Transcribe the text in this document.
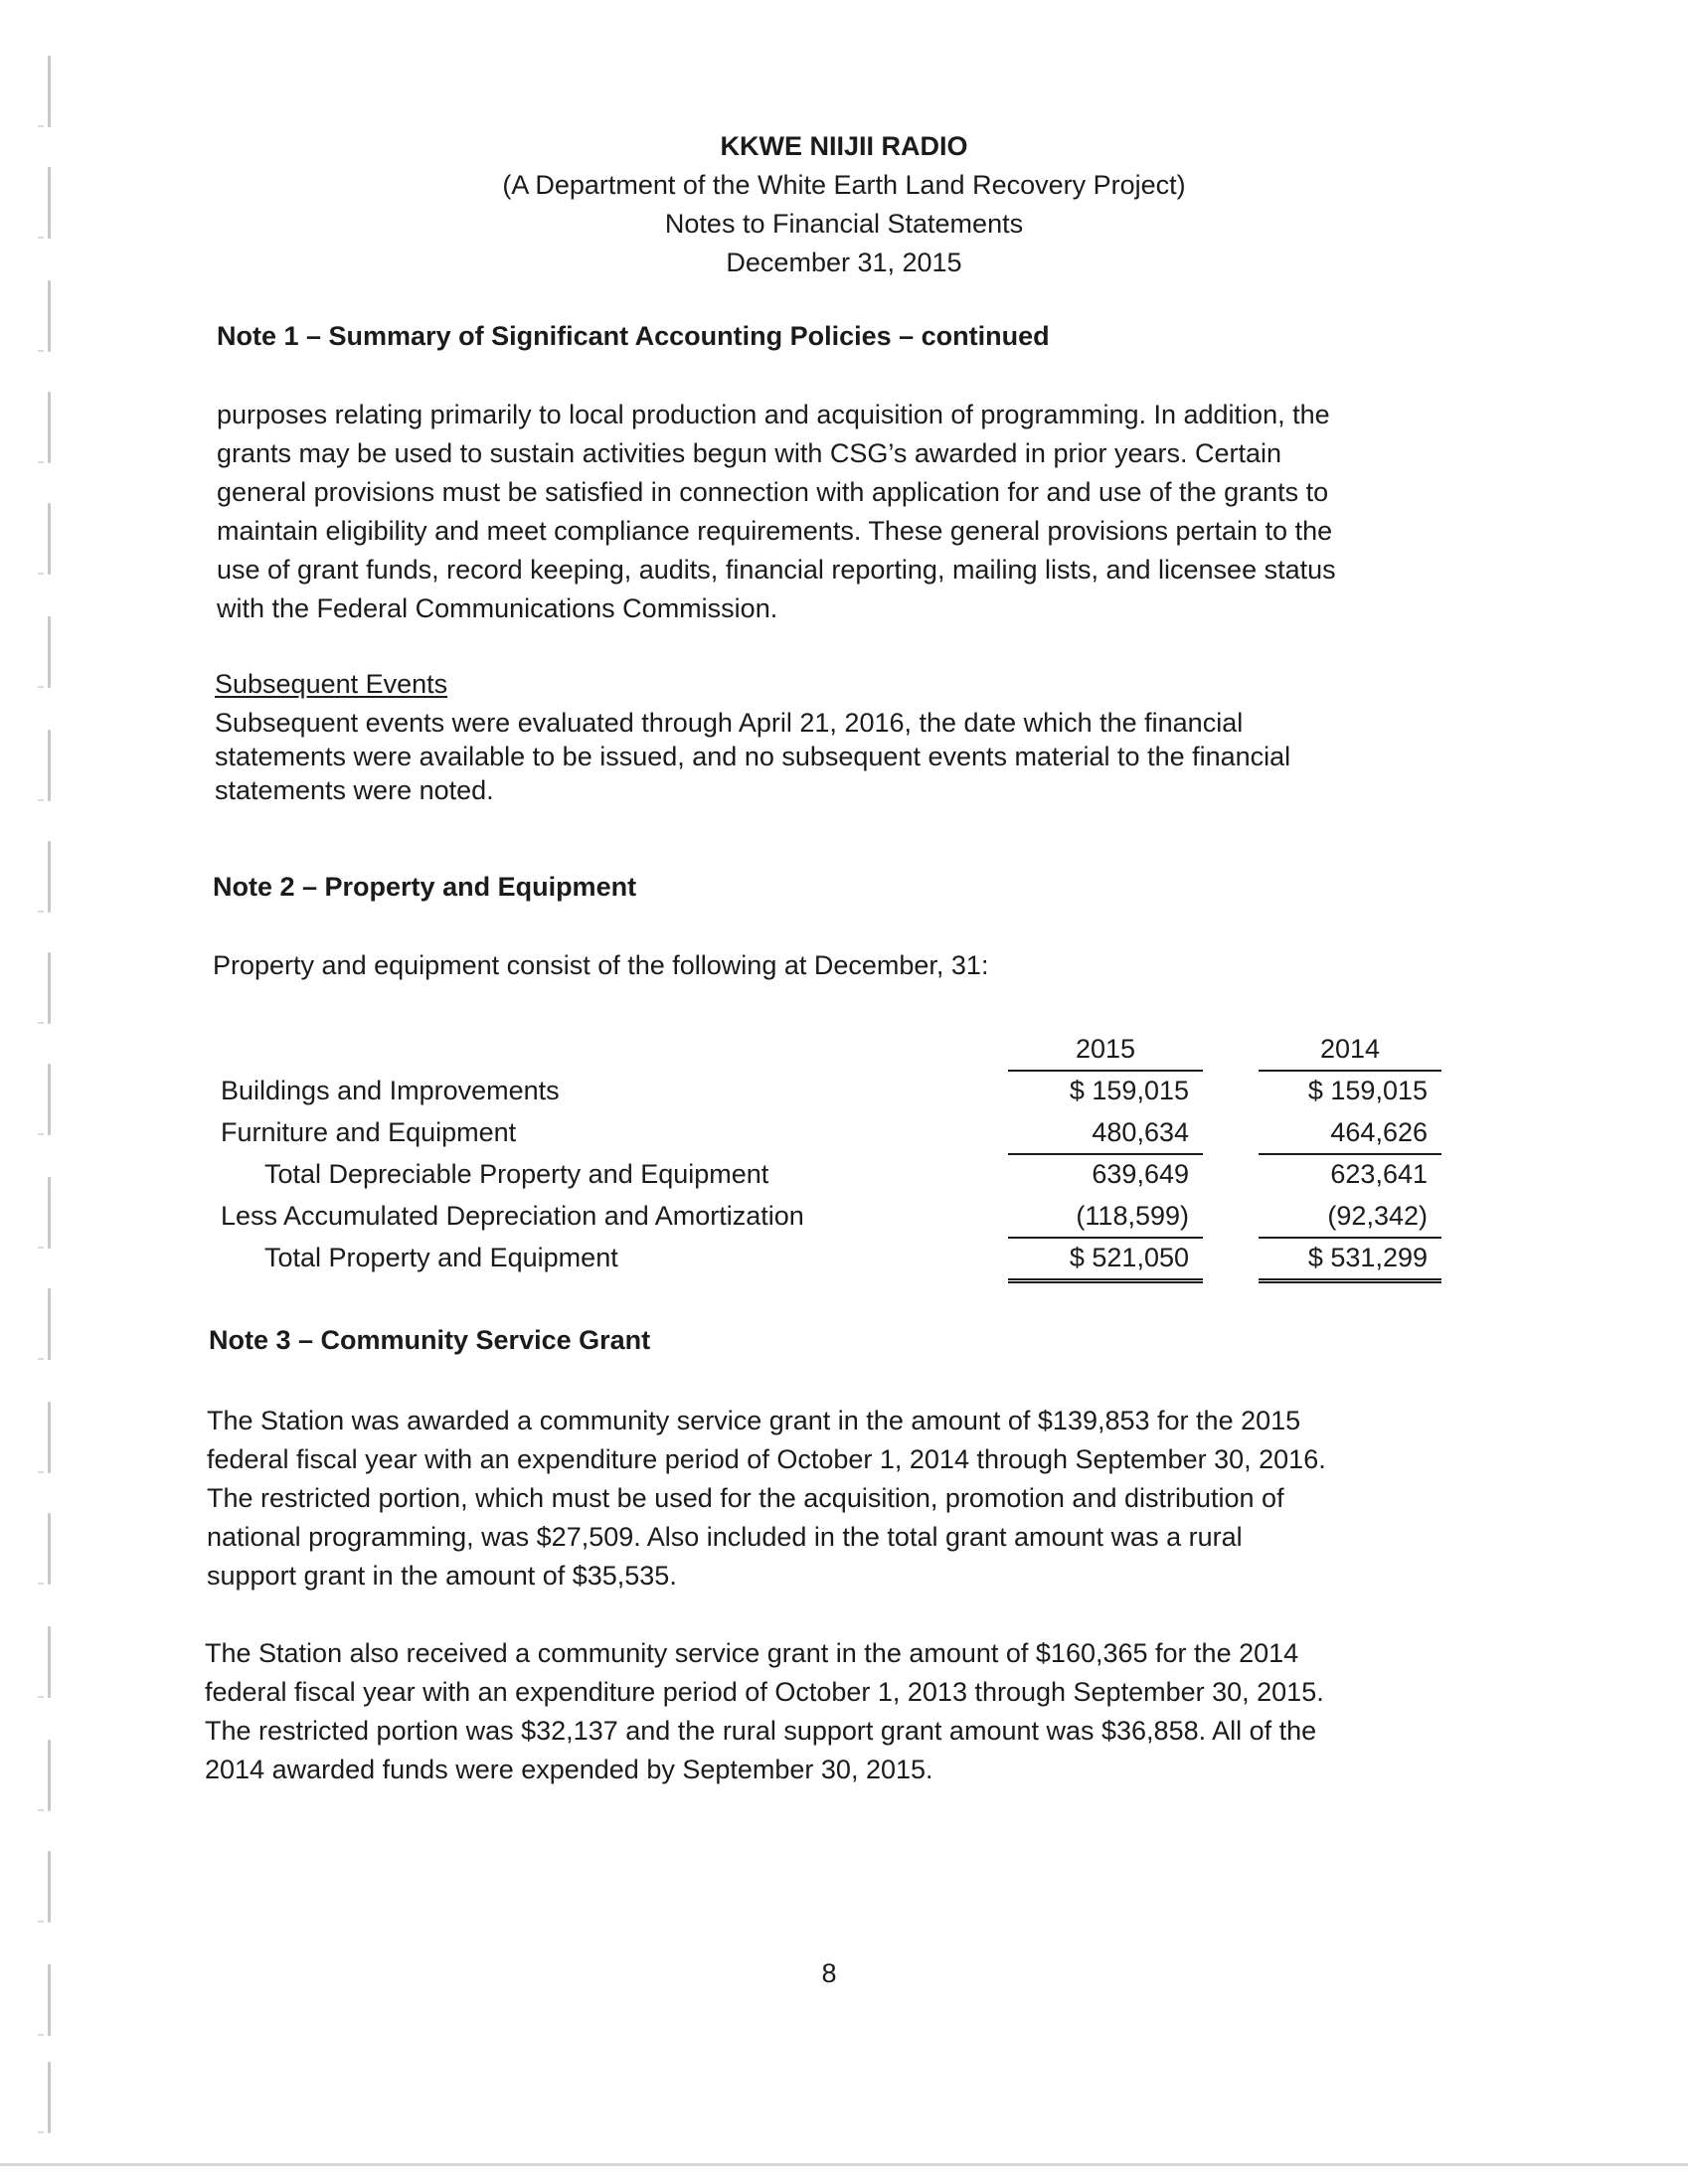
KKWE NIIJII RADIO
(A Department of the White Earth Land Recovery Project)
Notes to Financial Statements
December 31, 2015
Note 1 – Summary of Significant Accounting Policies – continued
purposes relating primarily to local production and acquisition of programming. In addition, the
grants may be used to sustain activities begun with CSG’s awarded in prior years. Certain
general provisions must be satisfied in connection with application for and use of the grants to
maintain eligibility and meet compliance requirements. These general provisions pertain to the
use of grant funds, record keeping, audits, financial reporting, mailing lists, and licensee status
with the Federal Communications Commission.
Subsequent Events
Subsequent events were evaluated through April 21, 2016, the date which the financial
statements were available to be issued, and no subsequent events material to the financial
statements were noted.
Note 2 – Property and Equipment
Property and equipment consist of the following at December, 31:
2015	2014
Buildings and Improvements	$ 159,015	$ 159,015
Furniture and Equipment	480,634	464,626
Total Depreciable Property and Equipment	639,649	623,641
Less Accumulated Depreciation and Amortization	(118,599)	(92,342)
Total Property and Equipment	$ 521,050	$ 531,299
Note 3 – Community Service Grant
The Station was awarded a community service grant in the amount of $139,853 for the 2015
federal fiscal year with an expenditure period of October 1, 2014 through September 30, 2016.
The restricted portion, which must be used for the acquisition, promotion and distribution of
national programming, was $27,509. Also included in the total grant amount was a rural
support grant in the amount of $35,535.
The Station also received a community service grant in the amount of $160,365 for the 2014
federal fiscal year with an expenditure period of October 1, 2013 through September 30, 2015.
The restricted portion was $32,137 and the rural support grant amount was $36,858. All of the
2014 awarded funds were expended by September 30, 2015.
8
